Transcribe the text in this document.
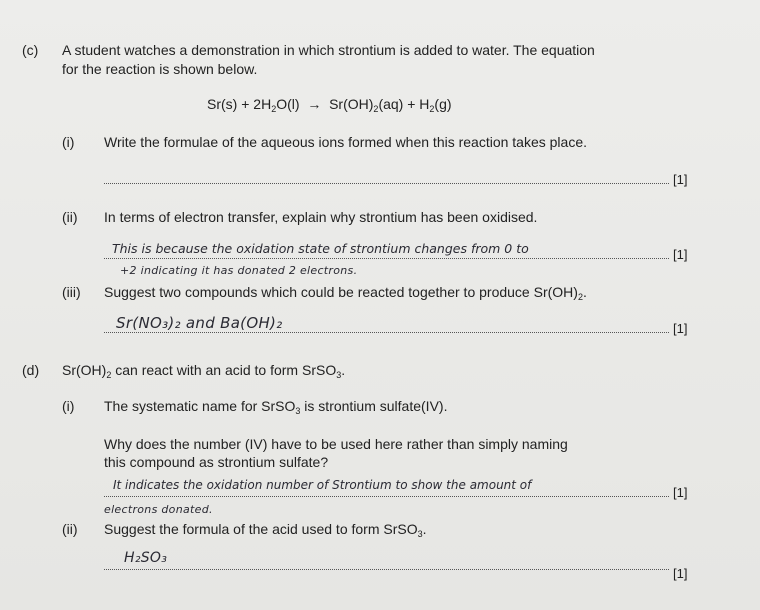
(c) A student watches a demonstration in which strontium is added to water. The equation
for the reaction is shown below.
$Sr(s) + 2H_2O(l) \to Sr(OH)_2(aq) + H_2(g)$
(i) Write the formulae of the aqueous ions formed when this reaction takes place.
[1]
(ii) In terms of electron transfer, explain why strontium has been oxidised.
This is because the oxidation state of strontium changes from 0 to	[1]
+2 indicating it has donated 2 electrons.
(iii) Suggest two compounds which could be reacted together to produce $Sr(OH)_2$.
Sr(NO₃)₂ and Ba(OH)₂	[1]
(d) $Sr(OH)_2$ can react with an acid to form SrSO$_3$.
(i) The systematic name for SrSO$_3$ is strontium sulfate(IV).
Why does the number (IV) have to be used here rather than simply naming
this compound as strontium sulfate?
It indicates the oxidation number of Strontium to show the amount of	[1]
electrons donated.
(ii) Suggest the formula of the acid used to form SrSO$_3$.
H₂SO₃
[1]
